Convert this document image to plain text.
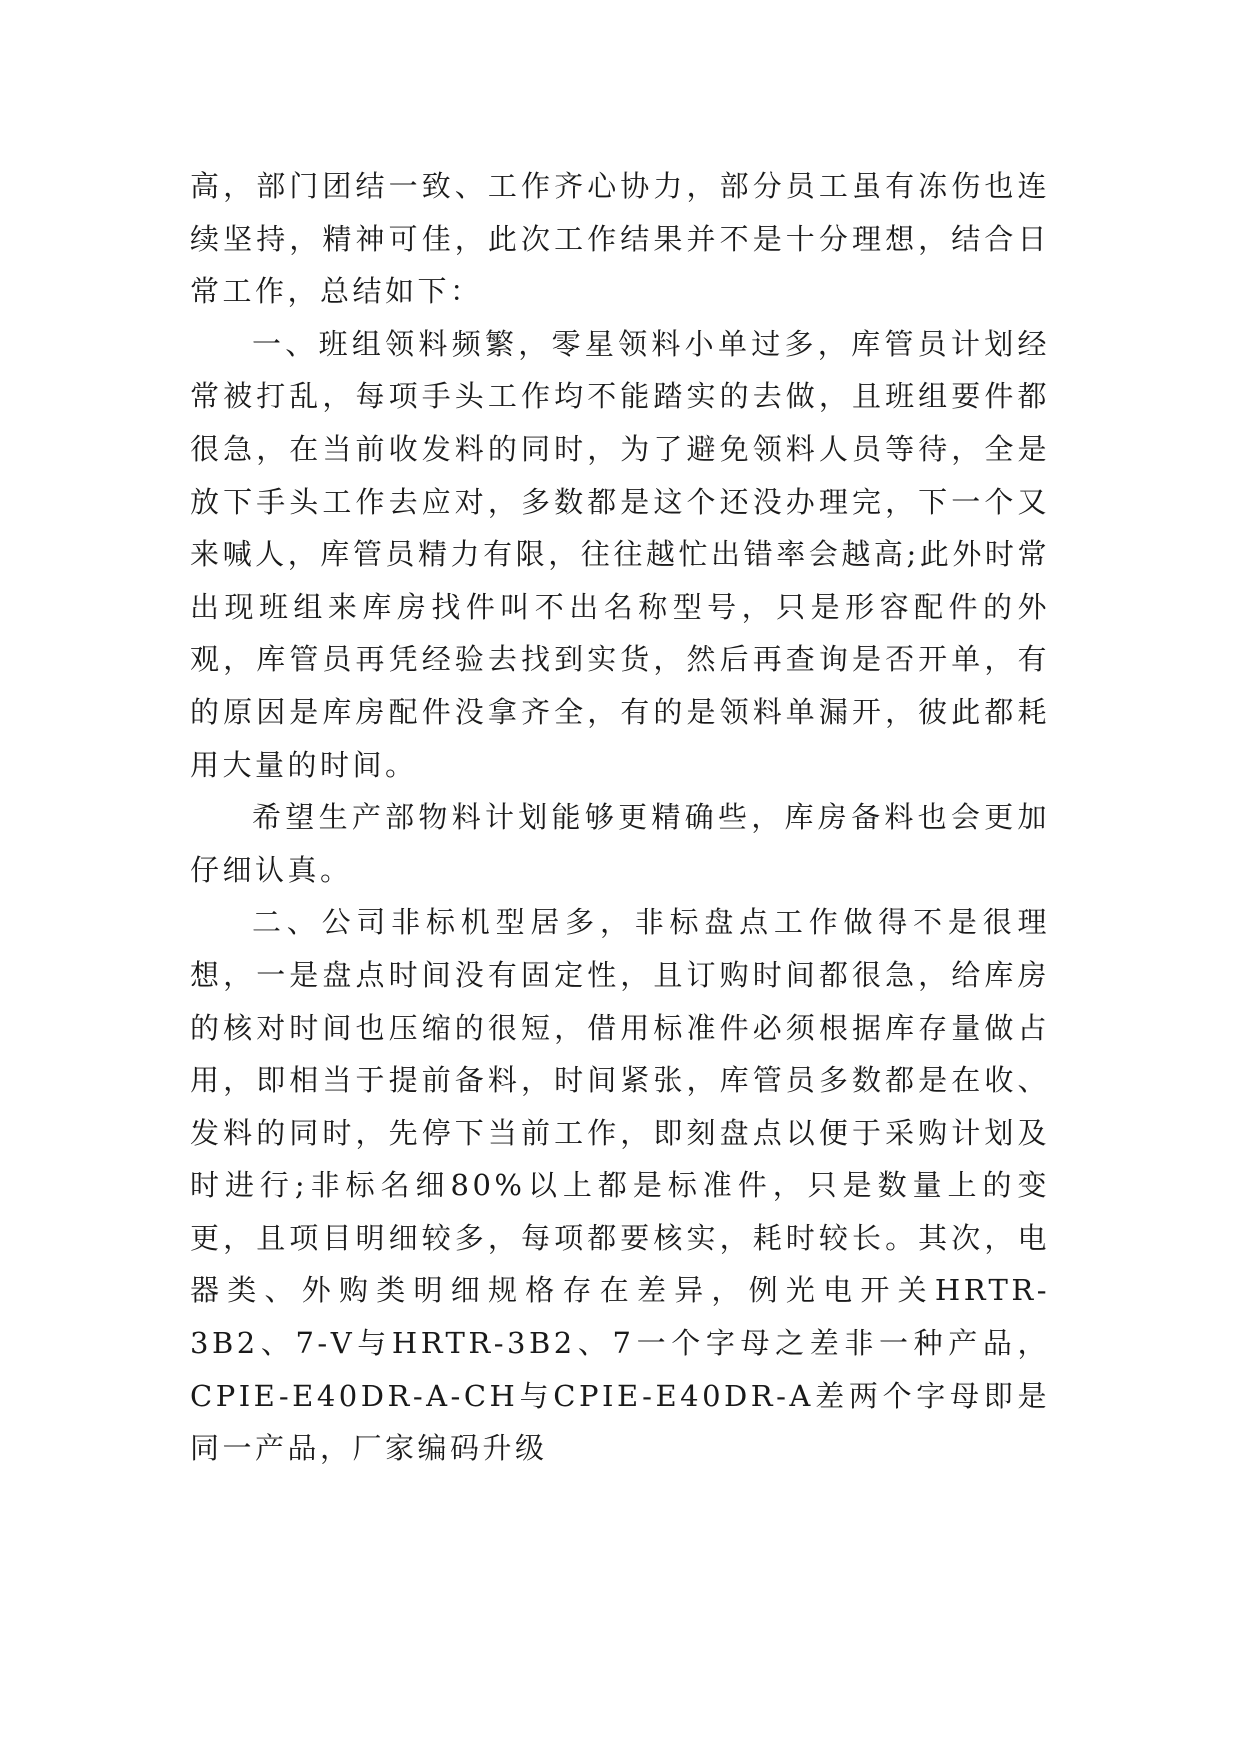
高，部门团结一致、工作齐心协力，部分员工虽有冻伤也连续坚持，精神可佳，此次工作结果并不是十分理想，结合日常工作，总结如下：

一、班组领料频繁，零星领料小单过多，库管员计划经常被打乱，每项手头工作均不能踏实的去做，且班组要件都很急，在当前收发料的同时，为了避免领料人员等待，全是放下手头工作去应对，多数都是这个还没办理完，下一个又来喊人，库管员精力有限，往往越忙出错率会越高;此外时常出现班组来库房找件叫不出名称型号，只是形容配件的外观，库管员再凭经验去找到实货，然后再查询是否开单，有的原因是库房配件没拿齐全，有的是领料单漏开，彼此都耗用大量的时间。

希望生产部物料计划能够更精确些，库房备料也会更加仔细认真。

二、公司非标机型居多，非标盘点工作做得不是很理想，一是盘点时间没有固定性，且订购时间都很急，给库房的核对时间也压缩的很短，借用标准件必须根据库存量做占用，即相当于提前备料，时间紧张，库管员多数都是在收、发料的同时，先停下当前工作，即刻盘点以便于采购计划及时进行;非标名细80%以上都是标准件，只是数量上的变更，且项目明细较多，每项都要核实，耗时较长。其次，电器类、外购类明细规格存在差异，例光电开关HRTR-3B2、7-V与HRTR-3B2、7一个字母之差非一种产品，CPIE-E40DR-A-CH与CPIE-E40DR-A差两个字母即是同一产品，厂家编码升级
